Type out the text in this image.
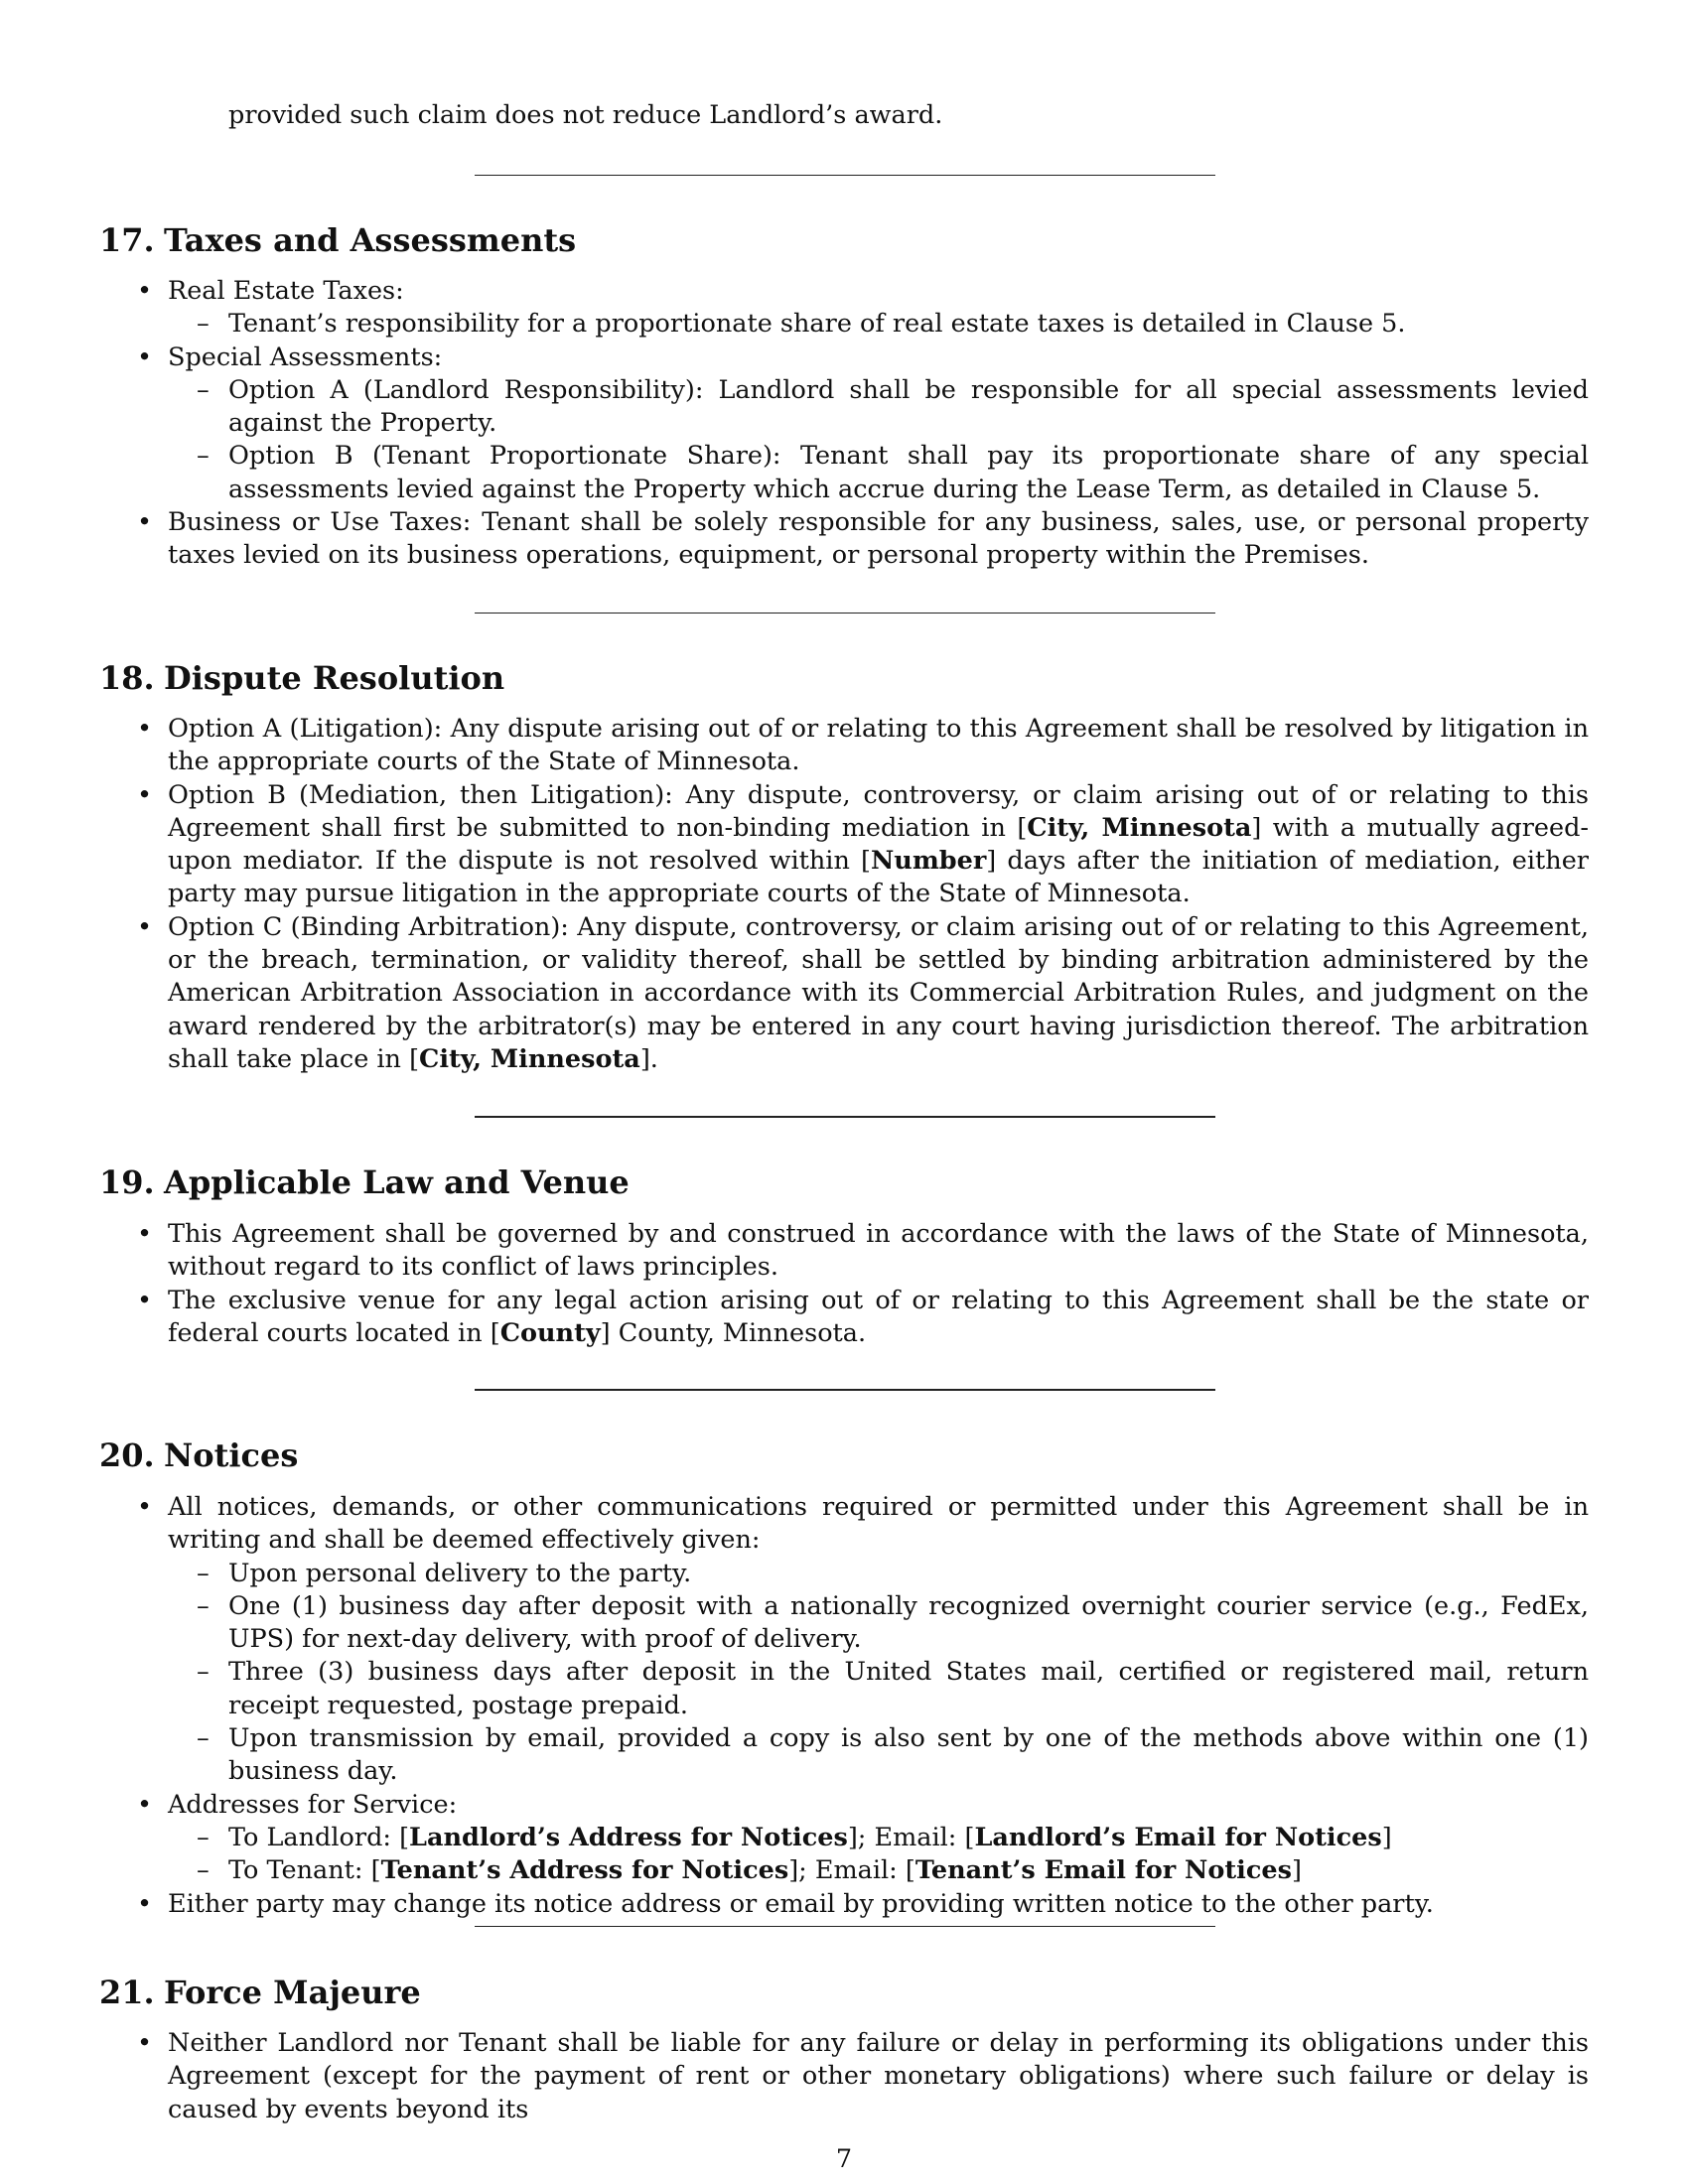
provided such claim does not reduce Landlord’s award.

17. Taxes and Assessments
• Real Estate Taxes:
– Tenant’s responsibility for a proportionate share of real estate taxes is detailed in Clause 5.
• Special Assessments:
– Option A (Landlord Responsibility): Landlord shall be responsible for all special assessments levied against the Property.
– Option B (Tenant Proportionate Share): Tenant shall pay its proportionate share of any special assessments levied against the Property which accrue during the Lease Term, as detailed in Clause 5.
• Business or Use Taxes: Tenant shall be solely responsible for any business, sales, use, or personal property taxes levied on its business operations, equipment, or personal property within the Premises.
18. Dispute Resolution
• Option A (Litigation): Any dispute arising out of or relating to this Agreement shall be resolved by litigation in the appropriate courts of the State of Minnesota.
• Option B (Mediation, then Litigation): Any dispute, controversy, or claim arising out of or relating to this Agreement shall first be submitted to non-binding mediation in [City, Minnesota] with a mutually agreed-upon mediator. If the dispute is not resolved within [Number] days after the initiation of mediation, either party may pursue litigation in the appropriate courts of the State of Minnesota.
• Option C (Binding Arbitration): Any dispute, controversy, or claim arising out of or relating to this Agreement, or the breach, termination, or validity thereof, shall be settled by binding arbitration administered by the American Arbitration Association in accordance with its Commercial Arbitration Rules, and judgment on the award rendered by the arbitrator(s) may be entered in any court having jurisdiction thereof. The arbitration shall take place in [City, Minnesota].
19. Applicable Law and Venue
• This Agreement shall be governed by and construed in accordance with the laws of the State of Minnesota, without regard to its conflict of laws principles.
• The exclusive venue for any legal action arising out of or relating to this Agreement shall be the state or federal courts located in [County] County, Minnesota.
20. Notices
• All notices, demands, or other communications required or permitted under this Agreement shall be in writing and shall be deemed effectively given:
– Upon personal delivery to the party.
– One (1) business day after deposit with a nationally recognized overnight courier service (e.g., FedEx, UPS) for next-day delivery, with proof of delivery.
– Three (3) business days after deposit in the United States mail, certified or registered mail, return receipt requested, postage prepaid.
– Upon transmission by email, provided a copy is also sent by one of the methods above within one (1) business day.
• Addresses for Service:
– To Landlord: [Landlord’s Address for Notices]; Email: [Landlord’s Email for Notices]
– To Tenant: [Tenant’s Address for Notices]; Email: [Tenant’s Email for Notices]
• Either party may change its notice address or email by providing written notice to the other party.
21. Force Majeure
• Neither Landlord nor Tenant shall be liable for any failure or delay in performing its obligations under this Agreement (except for the payment of rent or other monetary obligations) where such failure or delay is caused by events beyond its
7
